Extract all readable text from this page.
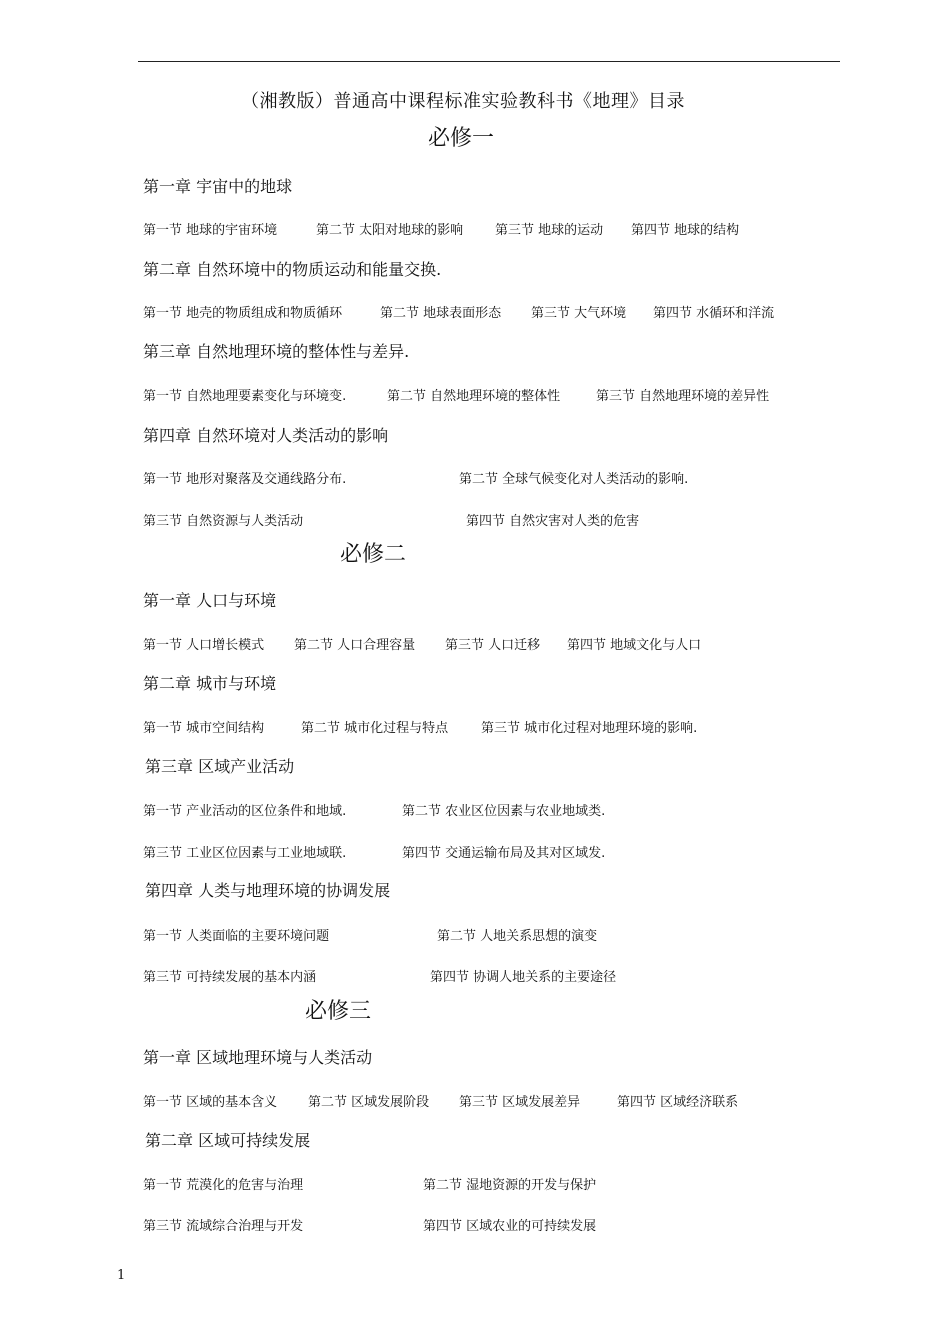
（湘教版）普通高中课程标准实验教科书《地理》目录
必修一
第一章 宇宙中的地球
第一节 地球的宇宙环境	第二节 太阳对地球的影响 第三节 地球的运动 第四节 地球的结构
第二章 自然环境中的物质运动和能量交换.
第一节 地壳的物质组成和物质循环	第二节 地球表面形态 第三节 大气环境 第四节 水循环和洋流
第三章 自然地理环境的整体性与差异.
第一节 自然地理要素变化与环境变.	第二节 自然地理环境的整体性	第三节 自然地理环境的差异性
第四章 自然环境对人类活动的影响
第一节 地形对聚落及交通线路分布.	第二节 全球气候变化对人类活动的影响.
第三节 自然资源与人类活动	第四节 自然灾害对人类的危害
必修二
第一章 人口与环境
第一节 人口增长模式 第二节 人口合理容量 第三节 人口迁移 第四节 地域文化与人口
第二章 城市与环境
第一节 城市空间结构	第二节 城市化过程与特点	第三节 城市化过程对地理环境的影响.
第三章 区域产业活动
第一节 产业活动的区位条件和地域.	第二节 农业区位因素与农业地域类.
第三节 工业区位因素与工业地域联.	第四节 交通运输布局及其对区域发.
第四章 人类与地理环境的协调发展
第一节 人类面临的主要环境问题	第二节 人地关系思想的演变
第三节 可持续发展的基本内涵	第四节 协调人地关系的主要途径
必修三
第一章 区域地理环境与人类活动
第一节 区域的基本含义 第二节 区域发展阶段 第三节 区域发展差异	第四节 区域经济联系
第二章 区域可持续发展
第一节 荒漠化的危害与治理	第二节 湿地资源的开发与保护
第三节 流域综合治理与开发	第四节 区域农业的可持续发展
1
